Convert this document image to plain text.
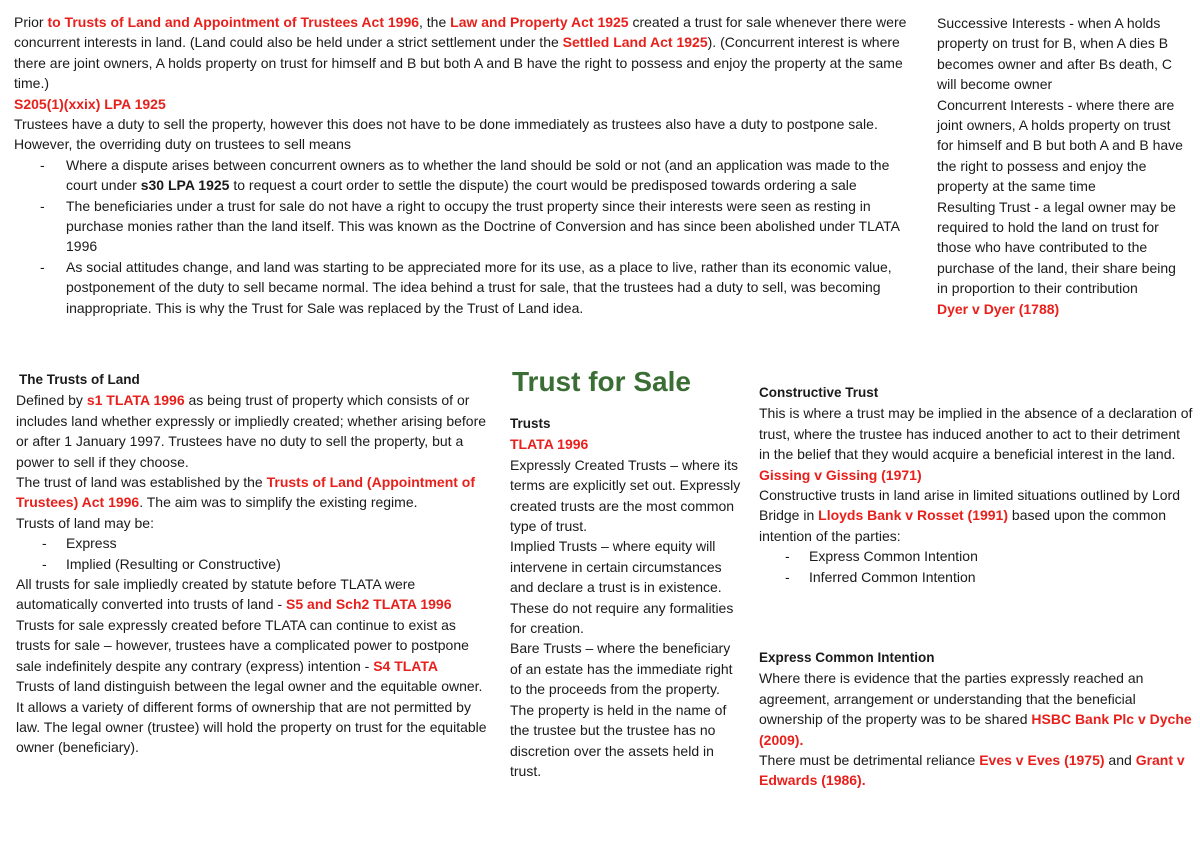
Prior to Trusts of Land and Appointment of Trustees Act 1996, the Law and Property Act 1925 created a trust for sale whenever there were concurrent interests in land. (Land could also be held under a strict settlement under the Settled Land Act 1925). (Concurrent interest is where there are joint owners, A holds property on trust for himself and B but both A and B have the right to possess and enjoy the property at the same time.)

S205(1)(xxix) LPA 1925

Trustees have a duty to sell the property, however this does not have to be done immediately as trustees also have a duty to postpone sale. However, the overriding duty on trustees to sell means

- Where a dispute arises between concurrent owners as to whether the land should be sold or not (and an application was made to the court under s30 LPA 1925 to request a court order to settle the dispute) the court would be predisposed towards ordering a sale
- The beneficiaries under a trust for sale do not have a right to occupy the trust property since their interests were seen as resting in purchase monies rather than the land itself. This was known as the Doctrine of Conversion and has since been abolished under TLATA 1996
- As social attitudes change, and land was starting to be appreciated more for its use, as a place to live, rather than its economic value, postponement of the duty to sell became normal. The idea behind a trust for sale, that the trustees had a duty to sell, was becoming inappropriate. This is why the Trust for Sale was replaced by the Trust of Land idea.

Successive Interests - when A holds property on trust for B, when A dies B becomes owner and after Bs death, C will become owner

Concurrent Interests - where there are joint owners, A holds property on trust for himself and B but both A and B have the right to possess and enjoy the property at the same time

Resulting Trust - a legal owner may be required to hold the land on trust for those who have contributed to the purchase of the land, their share being in proportion to their contribution

Dyer v Dyer (1788)

The Trusts of Land

Defined by s1 TLATA 1996 as being trust of property which consists of or includes land whether expressly or impliedly created; whether arising before or after 1 January 1997. Trustees have no duty to sell the property, but a power to sell if they choose.

The trust of land was established by the Trusts of Land (Appointment of Trustees) Act 1996. The aim was to simplify the existing regime.

Trusts of land may be:

- Express
- Implied (Resulting or Constructive)

All trusts for sale impliedly created by statute before TLATA were automatically converted into trusts of land - S5 and Sch2 TLATA 1996

Trusts for sale expressly created before TLATA can continue to exist as trusts for sale – however, trustees have a complicated power to postpone sale indefinitely despite any contrary (express) intention - S4 TLATA

Trusts of land distinguish between the legal owner and the equitable owner. It allows a variety of different forms of ownership that are not permitted by law. The legal owner (trustee) will hold the property on trust for the equitable owner (beneficiary).

Trust for Sale

Trusts

TLATA 1996

Expressly Created Trusts – where its terms are explicitly set out. Expressly created trusts are the most common type of trust.

Implied Trusts – where equity will intervene in certain circumstances and declare a trust is in existence. These do not require any formalities for creation.

Bare Trusts – where the beneficiary of an estate has the immediate right to the proceeds from the property. The property is held in the name of the trustee but the trustee has no discretion over the assets held in trust.

Constructive Trust

This is where a trust may be implied in the absence of a declaration of trust, where the trustee has induced another to act to their detriment in the belief that they would acquire a beneficial interest in the land.

Gissing v Gissing (1971)

Constructive trusts in land arise in limited situations outlined by Lord Bridge in Lloyds Bank v Rosset (1991) based upon the common intention of the parties:

- Express Common Intention
- Inferred Common Intention

Express Common Intention

Where there is evidence that the parties expressly reached an agreement, arrangement or understanding that the beneficial ownership of the property was to be shared HSBC Bank Plc v Dyche (2009).

There must be detrimental reliance Eves v Eves (1975) and Grant v Edwards (1986).
